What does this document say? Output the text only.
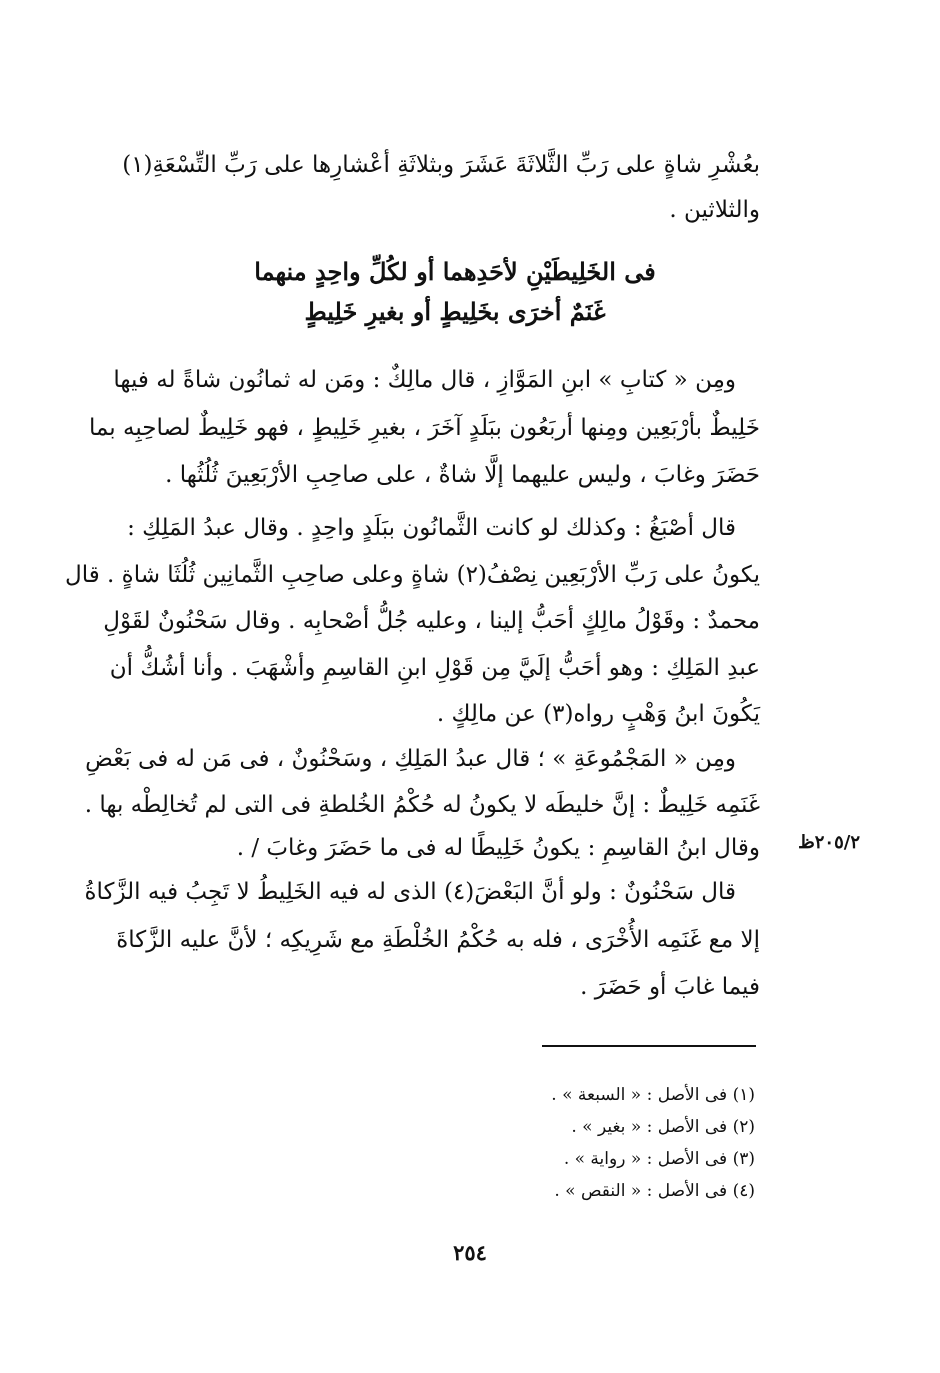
بعُشْرِ شاةٍ على رَبِّ الثَّلاثَةَ عَشَرَ وبثلاثَةِ أعْشارِها على رَبِّ التِّسْعَةِ(١)
والثلاثين .
فى الخَلِيطَيْنِ لأحَدِهما أو لكُلِّ واحِدٍ منهما
غَنَمٌ أخرَى بخَلِيطٍ أو بغيرِ خَلِيطٍ
ومِن « كتابِ » ابنِ المَوَّازِ ، قال مالِكٌ : ومَن له ثمانُون شاةً له فيها
خَلِيطٌ بأرْبَعِين ومِنها أربَعُون ببَلَدٍ آخَرَ ، بغيرِ خَلِيطٍ ، فهو خَلِيطٌ لصاحِبِه بما
حَضَرَ وغابَ ، وليس عليهما إلَّا شاةٌ ، على صاحِبِ الأرْبَعِينَ ثُلُثُها .
قال أصْبَغُ : وكذلك لو كانت الثَّمانُون ببَلَدٍ واحِدٍ . وقال عبدُ المَلِكِ :
يكونُ على رَبِّ الأرْبَعِين نِصْفُ(٢) شاةٍ وعلى صاحِبِ الثَّمانِين ثُلُثَا شاةٍ . قال
محمدٌ : وقَوْلُ مالِكٍ أحَبُّ إلينا ، وعليه جُلُّ أصْحابِه . وقال سَحْنُونٌ لقَوْلِ
عبدِ المَلِكِ : وهو أحَبُّ إلَيَّ مِن قَوْلِ ابنِ القاسِمِ وأشْهَبَ . وأنا أشُكُّ أن
يَكُونَ ابنُ وَهْبٍ رواه(٣) عن مالِكٍ .
ومِن « المَجْمُوعَةِ » ؛ قال عبدُ المَلِكِ ، وسَحْنُونٌ ، فى مَن له فى بَعْضِ
غَنَمِه خَلِيطٌ : إنَّ خليطَه لا يكونُ له حُكْمُ الخُلطةِ فى التى لم تُخالِطْه بها .
وقال ابنُ القاسِمِ : يكونُ خَلِيطًا له فى ما حَضَرَ وغابَ / .	٢٠٥/٢ظ
قال سَحْنُونٌ : ولو أنَّ البَعْضَ(٤) الذى له فيه الخَلِيطُ لا تَجِبُ فيه الزَّكاةُ
إلا مع غَنَمِه الأُخْرَى ، فله به حُكْمُ الخُلْطَةِ مع شَرِيكِه ؛ لأنَّ عليه الزَّكاةَ
فيما غابَ أو حَضَرَ .
(١) فى الأصل : « السبعة » .
(٢) فى الأصل : « بغير » .
(٣) فى الأصل : « رواية » .
(٤) فى الأصل : « النقص » .
٢٥٤
